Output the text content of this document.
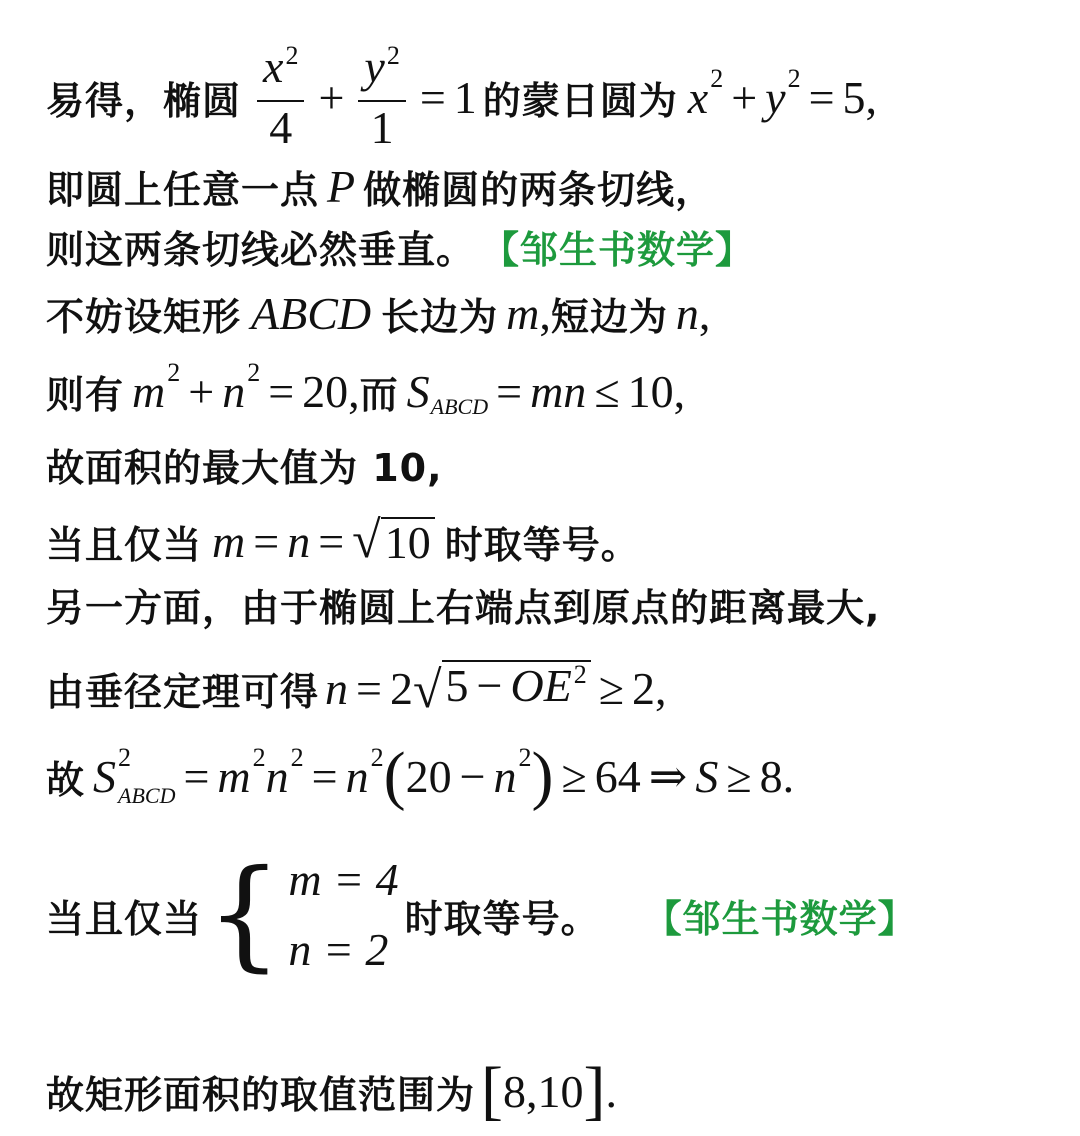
易得，椭圆 $\frac{x^2}{4} + \frac{y^2}{1} = 1$ 的蒙日圆为 x 2 + y 2 = 5 ,
即圆上任意一点 P 做椭圆的两条切线，
则这两条切线必然垂直。 【邹生书数学】
不妨设矩形 ABCD 长边为 m , 短边为 n ,
则有 m 2 + n 2 = 20 , 而 S ABCD = mn ≤ 10 ,
故面积的最大值为 10,
当且仅当 m = n = √ 10 时取等号。
另一方面，由于椭圆上右端点到原点的距离最大,
由垂径定理可得 n = 2 √ $5 - OE^2 \ge 2$ ,
故 S 2
ABCD = m 2 n 2 = n 2 ( 20 − n 2 ) ≥ 64 ⇒ S ≥ 8 .
当且仅当 { m = 4
n = 2
时取等号。 【邹生书数学】
故矩形面积的取值范围为 [ 8,10 ] .
